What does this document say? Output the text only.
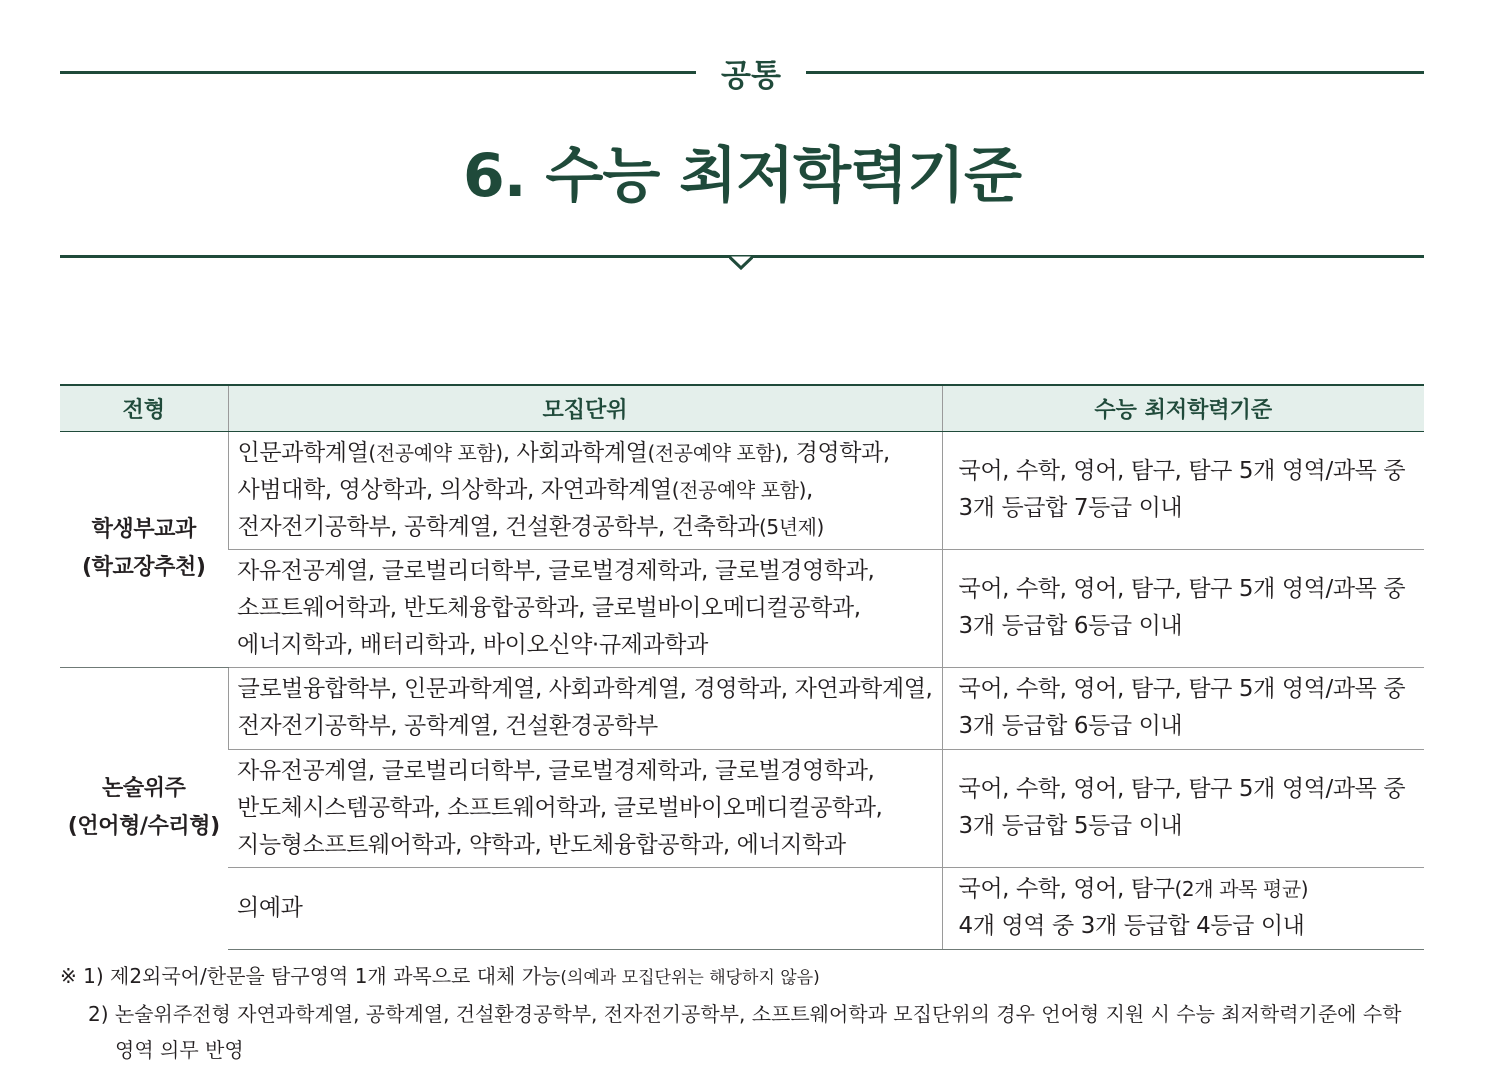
공통
6. 수능 최저학력기준
전형	모집단위	수능 최저학력기준

학생부교과
(학교장추천)	인문과학계열(전공예약 포함), 사회과학계열(전공예약 포함), 경영학과,
사범대학, 영상학과, 의상학과, 자연과학계열(전공예약 포함),
전자전기공학부, 공학계열, 건설환경공학부, 건축학과(5년제)	국어, 수학, 영어, 탐구, 탐구 5개 영역/과목 중
3개 등급합 7등급 이내

	자유전공계열, 글로벌리더학부, 글로벌경제학과, 글로벌경영학과,
소프트웨어학과, 반도체융합공학과, 글로벌바이오메디컬공학과,
에너지학과, 배터리학과, 바이오신약·규제과학과	국어, 수학, 영어, 탐구, 탐구 5개 영역/과목 중
3개 등급합 6등급 이내

논술위주
(언어형/수리형)	글로벌융합학부, 인문과학계열, 사회과학계열, 경영학과, 자연과학계열,
전자전기공학부, 공학계열, 건설환경공학부	국어, 수학, 영어, 탐구, 탐구 5개 영역/과목 중
3개 등급합 6등급 이내

	자유전공계열, 글로벌리더학부, 글로벌경제학과, 글로벌경영학과,
반도체시스템공학과, 소프트웨어학과, 글로벌바이오메디컬공학과,
지능형소프트웨어학과, 약학과, 반도체융합공학과, 에너지학과	국어, 수학, 영어, 탐구, 탐구 5개 영역/과목 중
3개 등급합 5등급 이내

	의예과	국어, 수학, 영어, 탐구(2개 과목 평균)
4개 영역 중 3개 등급합 4등급 이내
※ 1) 제2외국어/한문을 탐구영역 1개 과목으로 대체 가능(의예과 모집단위는 해당하지 않음)
2) 논술위주전형 자연과학계열, 공학계열, 건설환경공학부, 전자전기공학부, 소프트웨어학과 모집단위의 경우 언어형 지원 시 수능 최저학력기준에 수학
영역 의무 반영
